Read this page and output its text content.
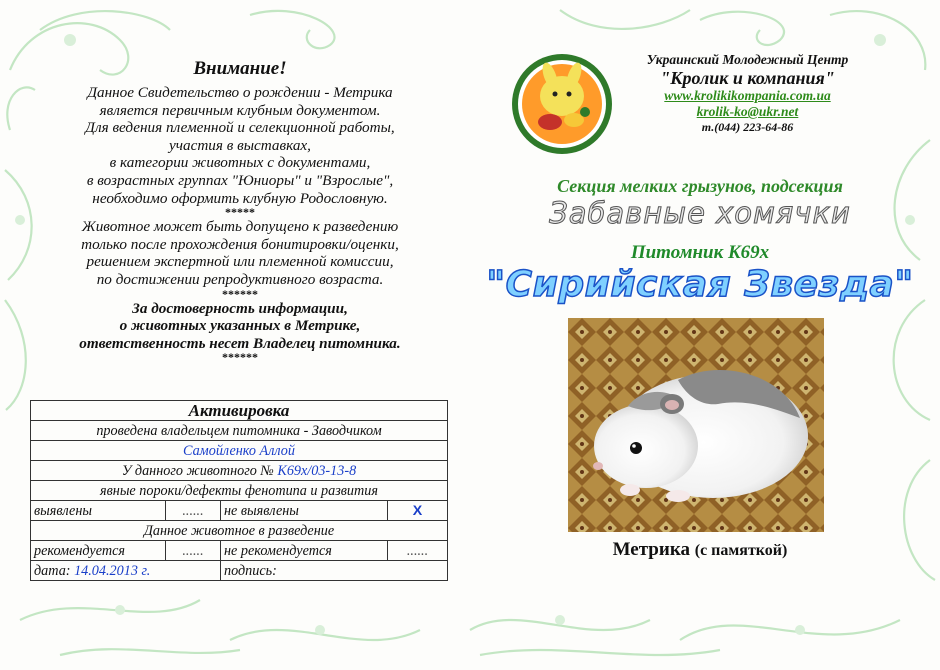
Внимание!

Данное Свидетельство о рождении - Метрика

является первичным клубным документом.

Для ведения племенной и селекционной работы,

участия в выставках,

в категории животных с документами,

в возрастных группах "Юниоры" и "Взрослые",

необходимо оформить клубную Родословную.

*****

Животное может быть допущено к разведению

только после прохождения бонитировки/оценки,

решением экспертной или племенной комиссии,

по достижении репродуктивного возраста.

******

За достоверность информации,

о животных указанных в Метрике,

ответственность несет Владелец питомника.

******

Активировка			
проведена владельцем питомника - Заводчиком			
Самойленко Аллой			
У данного животного № K69x/03-13-8			
явные пороки/дефекты фенотипа и развития			
выявлены	......	не выявлены	X
Данное животное в разведение			
рекомендуется	......	не рекомендуется	......
дата: 14.04.2013 г.		подпись:	
Украинский Молодежный Центр
"Кролик и компания"
www.krolikikompania.com.ua
krolik-ko@ukr.net
т.(044) 223-64-86
Секция мелких грызунов, подсекция
Забавные хомячки
Питомник K69x
"Сирийская Звезда"
Метрика (с памяткой)
